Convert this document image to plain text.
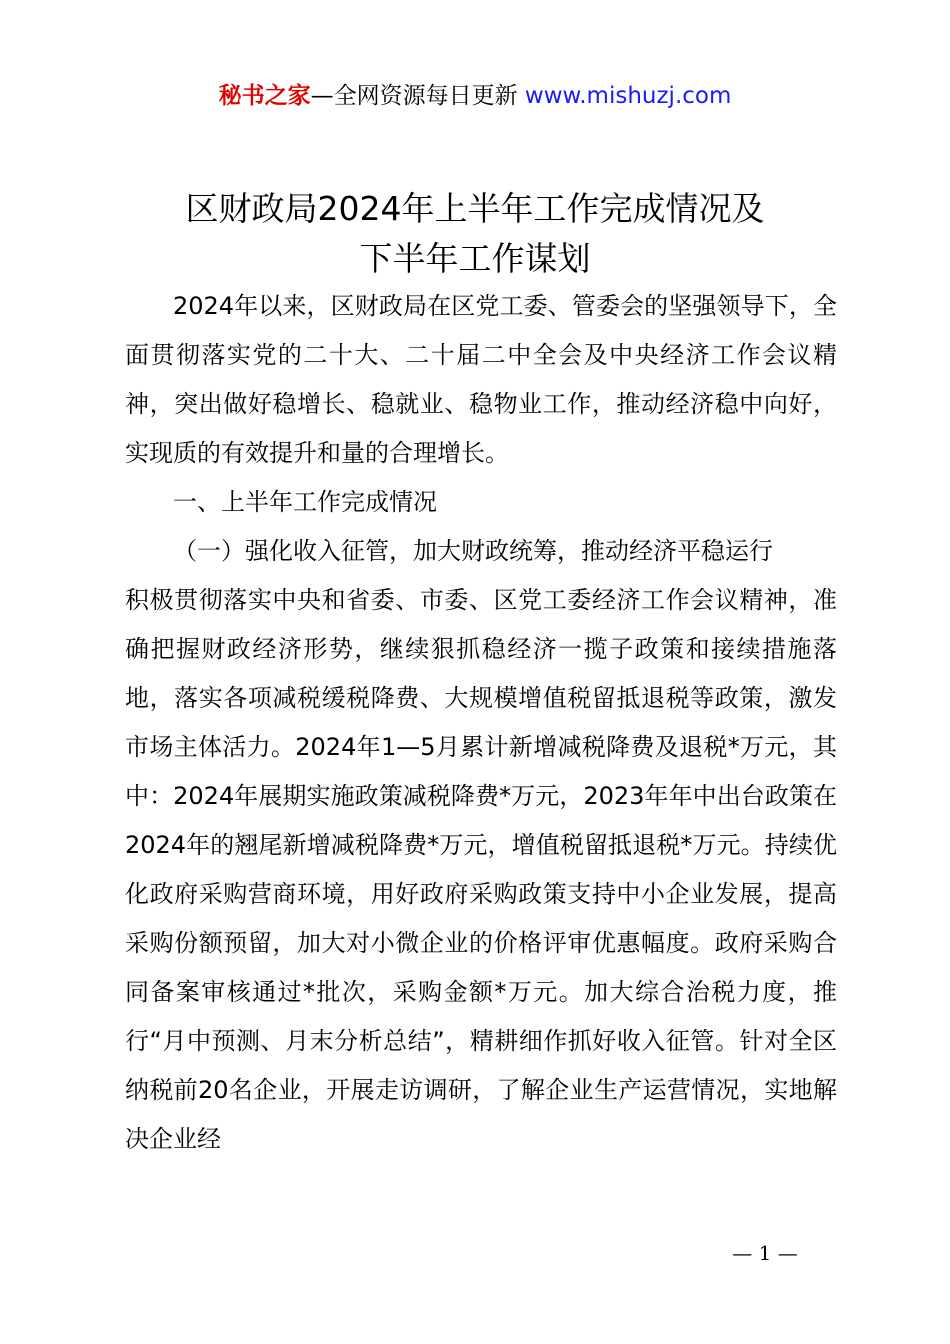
秘书之家—全网资源每日更新 www.mishuzj.com
区财政局2024年上半年工作完成情况及
下半年工作谋划

2024年以来，区财政局在区党工委、管委会的坚强领导下，全面贯彻落实党的二十大、二十届二中全会及中央经济工作会议精神，突出做好稳增长、稳就业、稳物业工作，推动经济稳中向好，实现质的有效提升和量的合理增长。

一、上半年工作完成情况

（一）强化收入征管，加大财政统筹，推动经济平稳运行

积极贯彻落实中央和省委、市委、区党工委经济工作会议精神，准确把握财政经济形势，继续狠抓稳经济一揽子政策和接续措施落地，落实各项减税缓税降费、大规模增值税留抵退税等政策，激发市场主体活力。2024年1—5月累计新增减税降费及退税*万元，其中：2024年展期实施政策减税降费*万元，2023年年中出台政策在2024年的翘尾新增减税降费*万元，增值税留抵退税*万元。持续优化政府采购营商环境，用好政府采购政策支持中小企业发展，提高采购份额预留，加大对小微企业的价格评审优惠幅度。政府采购合同备案审核通过*批次，采购金额*万元。加大综合治税力度，推行“月中预测、月末分析总结”，精耕细作抓好收入征管。针对全区纳税前20名企业，开展走访调研，了解企业生产运营情况，实地解决企业经

— 1 —
